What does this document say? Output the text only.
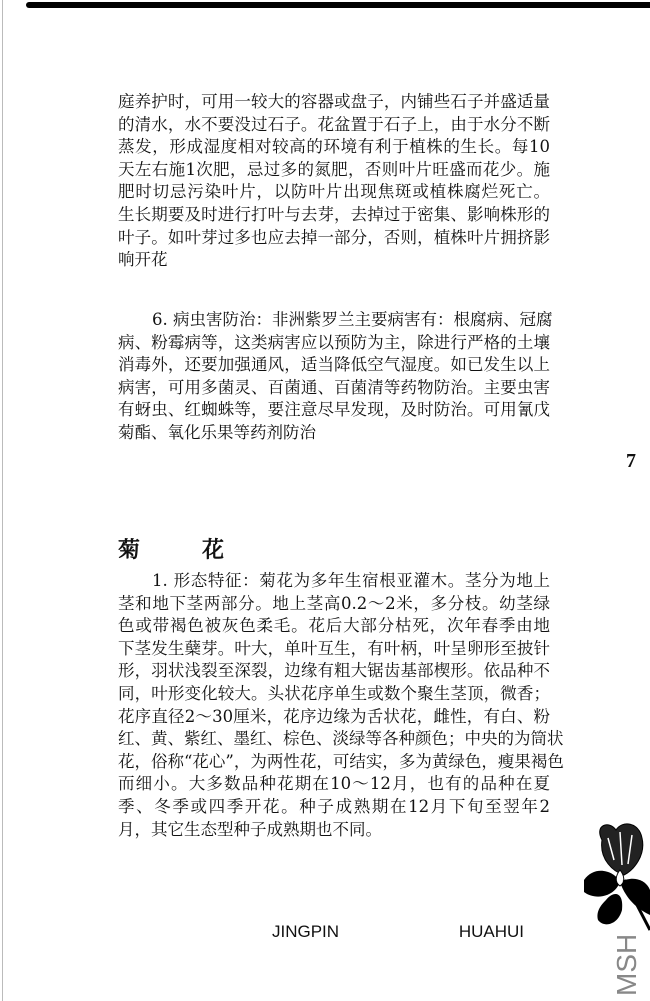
庭养护时，可用一较大的容器或盘子，内铺些石子并盛适量
的清水，水不要没过石子。花盆置于石子上，由于水分不断
蒸发，形成湿度相对较高的环境有利于植株的生长。每10
天左右施1次肥，忌过多的氮肥，否则叶片旺盛而花少。施
肥时切忌污染叶片，以防叶片出现焦斑或植株腐烂死亡。
生长期要及时进行打叶与去芽，去掉过于密集、影响株形的
叶子。如叶芽过多也应去掉一部分，否则，植株叶片拥挤影
响开花
6. 病虫害防治：非洲紫罗兰主要病害有：根腐病、冠腐
病、粉霉病等，这类病害应以预防为主，除进行严格的土壤
消毒外，还要加强通风，适当降低空气湿度。如已发生以上
病害，可用多菌灵、百菌通、百菌清等药物防治。主要虫害
有蚜虫、红蜘蛛等，要注意尽早发现，及时防治。可用氰戊
菊酯、氧化乐果等药剂防治
7
菊　花
1. 形态特征：菊花为多年生宿根亚灌木。茎分为地上
茎和地下茎两部分。地上茎高0.2～2米，多分枝。幼茎绿
色或带褐色被灰色柔毛。花后大部分枯死，次年春季由地
下茎发生蘖芽。叶大，单叶互生，有叶柄，叶呈卵形至披针
形，羽状浅裂至深裂，边缘有粗大锯齿基部楔形。依品种不
同，叶形变化较大。头状花序单生或数个聚生茎顶，微香；
花序直径2～30厘米，花序边缘为舌状花，雌性，有白、粉
红、黄、紫红、墨红、棕色、淡绿等各种颜色；中央的为筒状
花，俗称“花心”，为两性花，可结实，多为黄绿色，瘦果褐色
而细小。大多数品种花期在10～12月，也有的品种在夏
季、冬季或四季开花。种子成熟期在12月下旬至翌年2
月，其它生态型种子成熟期也不同。
JINGPIN HUAHUI
MSH
